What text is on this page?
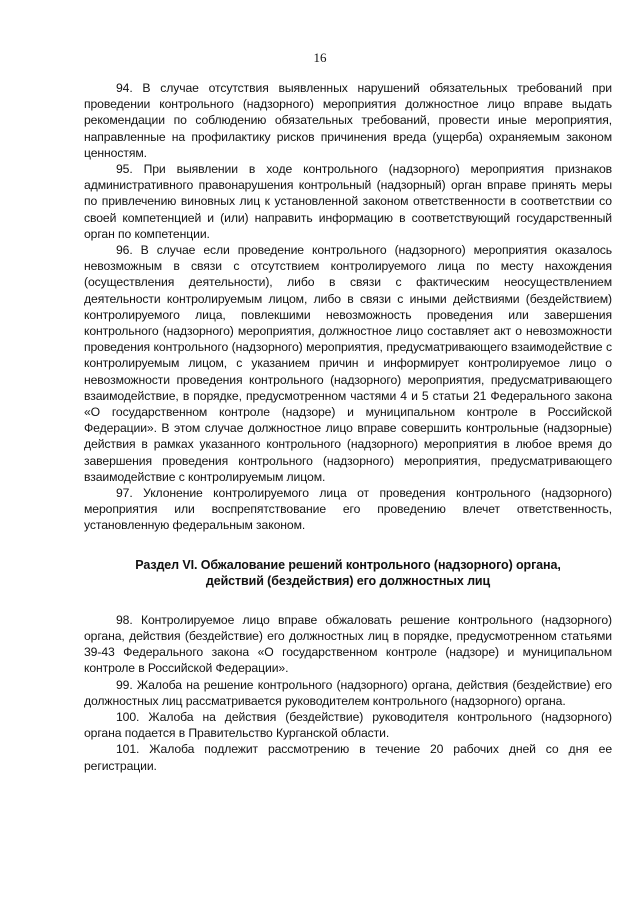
16

94. В случае отсутствия выявленных нарушений обязательных требований при проведении контрольного (надзорного) мероприятия должностное лицо вправе выдать рекомендации по соблюдению обязательных требований, провести иные мероприятия, направленные на профилактику рисков причинения вреда (ущерба) охраняемым законом ценностям.

95. При выявлении в ходе контрольного (надзорного) мероприятия признаков административного правонарушения контрольный (надзорный) орган вправе принять меры по привлечению виновных лиц к установленной законом ответственности в соответствии со своей компетенцией и (или) направить информацию в соответствующий государственный орган по компетенции.

96. В случае если проведение контрольного (надзорного) мероприятия оказалось невозможным в связи с отсутствием контролируемого лица по месту нахождения (осуществления деятельности), либо в связи с фактическим неосуществлением деятельности контролируемым лицом, либо в связи с иными действиями (бездействием) контролируемого лица, повлекшими невозможность проведения или завершения контрольного (надзорного) мероприятия, должностное лицо составляет акт о невозможности проведения контрольного (надзорного) мероприятия, предусматривающего взаимодействие с контролируемым лицом, с указанием причин и информирует контролируемое лицо о невозможности проведения контрольного (надзорного) мероприятия, предусматривающего взаимодействие, в порядке, предусмотренном частями 4 и 5 статьи 21 Федерального закона «О государственном контроле (надзоре) и муниципальном контроле в Российской Федерации». В этом случае должностное лицо вправе совершить контрольные (надзорные) действия в рамках указанного контрольного (надзорного) мероприятия в любое время до завершения проведения контрольного (надзорного) мероприятия, предусматривающего взаимодействие с контролируемым лицом.

97. Уклонение контролируемого лица от проведения контрольного (надзорного) мероприятия или воспрепятствование его проведению влечет ответственность, установленную федеральным законом.

Раздел VI. Обжалование решений контрольного (надзорного) органа,
действий (бездействия) его должностных лиц

98. Контролируемое лицо вправе обжаловать решение контрольного (надзорного) органа, действия (бездействие) его должностных лиц в порядке, предусмотренном статьями 39-43 Федерального закона «О государственном контроле (надзоре) и муниципальном контроле в Российской Федерации».

99. Жалоба на решение контрольного (надзорного) органа, действия (бездействие) его должностных лиц рассматривается руководителем контрольного (надзорного) органа.

100. Жалоба на действия (бездействие) руководителя контрольного (надзорного) органа подается в Правительство Курганской области.

101. Жалоба подлежит рассмотрению в течение 20 рабочих дней со дня ее регистрации.
